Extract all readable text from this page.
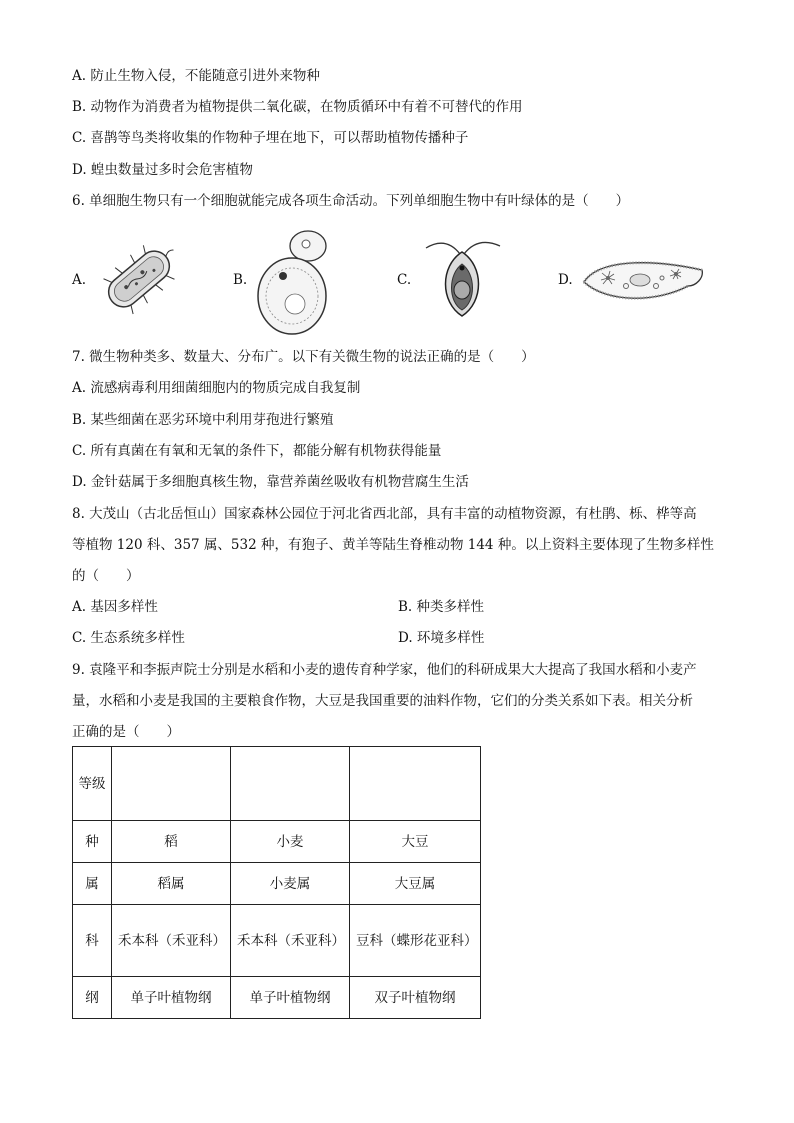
A. 防止生物入侵，不能随意引进外来物种
B. 动物作为消费者为植物提供二氧化碳，在物质循环中有着不可替代的作用
C. 喜鹊等鸟类将收集的作物种子埋在地下，可以帮助植物传播种子
D. 蝗虫数量过多时会危害植物
6. 单细胞生物只有一个细胞就能完成各项生命活动。下列单细胞生物中有叶绿体的是（　　）
A.	B.	C.	D.
7. 微生物种类多、数量大、分布广。以下有关微生物的说法正确的是（　　）
A. 流感病毒利用细菌细胞内的物质完成自我复制
B. 某些细菌在恶劣环境中利用芽孢进行繁殖
C. 所有真菌在有氧和无氧的条件下，都能分解有机物获得能量
D. 金针菇属于多细胞真核生物，靠营养菌丝吸收有机物营腐生生活
8. 大茂山（古北岳恒山）国家森林公园位于河北省西北部，具有丰富的动植物资源，有杜鹃、栎、桦等高
等植物 120 科、357 属、532 种，有狍子、黄羊等陆生脊椎动物 144 种。以上资料主要体现了生物多样性
的（　　）
A. 基因多样性	B. 种类多样性
C. 生态系统多样性	D. 环境多样性
9. 袁隆平和李振声院士分别是水稻和小麦的遗传育种学家，他们的科研成果大大提高了我国水稻和小麦产
量，水稻和小麦是我国的主要粮食作物，大豆是我国重要的油料作物，它们的分类关系如下表。相关分析
正确的是（　　）
等级			
种	稻	小麦	大豆
属	稻属	小麦属	大豆属
科	禾本科（禾亚科）	禾本科（禾亚科）	豆科（蝶形花亚科）
纲	单子叶植物纲	单子叶植物纲	双子叶植物纲
